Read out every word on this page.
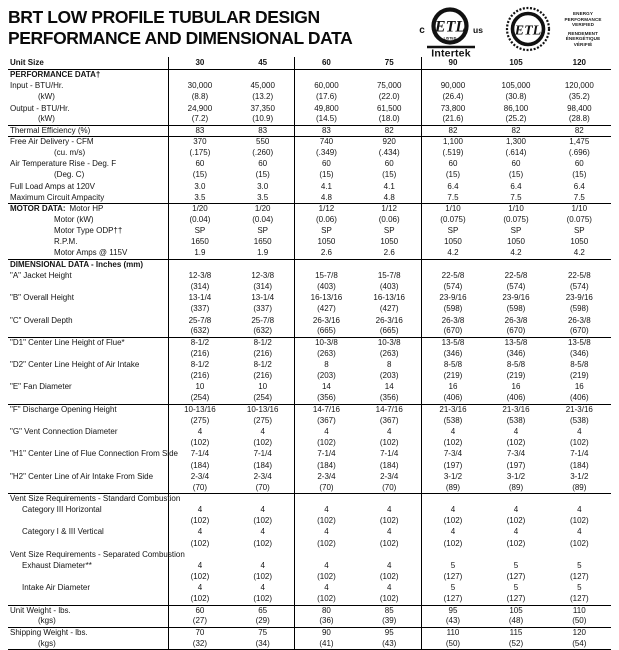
BRT LOW PROFILE TUBULAR DESIGN
PERFORMANCE AND DIMENSIONAL DATA
ETL
LISTED
c	us
Intertek
ETL
ENERGY
PERFORMANCE
VERIFIED
RENDEMENT
ÉNERGÉTIQUE
VÉRIFIÉ
Unit Size	30	45	60	75	90	105	120
PERFORMANCE DATA†							
Input - BTU/Hr.	30,000	45,000	60,000	75,000	90,000	105,000	120,000
(kW)	(8.8)	(13.2)	(17.6)	(22.0)	(26.4)	(30.8)	(35.2)
Output - BTU/Hr.	24,900	37,350	49,800	61,500	73,800	86,100	98,400
(kW)	(7.2)	(10.9)	(14.5)	(18.0)	(21.6)	(25.2)	(28.8)
Thermal Efficiency (%)	83	83	83	82	82	82	82
Free Air Delivery - CFM	370	550	740	920	1,100	1,300	1,475
(cu. m/s)	(.175)	(.260)	(.349)	(.434)	(.519)	(.614)	(.696)
Air Temperature Rise - Deg. F	60	60	60	60	60	60	60
(Deg. C)	(15)	(15)	(15)	(15)	(15)	(15)	(15)
Full Load Amps at 120V	3.0	3.0	4.1	4.1	6.4	6.4	6.4
Maximum Circuit Ampacity	3.5	3.5	4.8	4.8	7.5	7.5	7.5
MOTOR DATA: Motor HP	1/20	1/20	1/12	1/12	1/10	1/10	1/10
Motor (kW)	(0.04)	(0.04)	(0.06)	(0.06)	(0.075)	(0.075)	(0.075)
Motor Type ODP††	SP	SP	SP	SP	SP	SP	SP
R.P.M.	1650	1650	1050	1050	1050	1050	1050
Motor Amps @ 115V	1.9	1.9	2.6	2.6	4.2	4.2	4.2
DIMENSIONAL DATA - Inches (mm)							
"A" Jacket Height	12-3/8	12-3/8	15-7/8	15-7/8	22-5/8	22-5/8	22-5/8
	(314)	(314)	(403)	(403)	(574)	(574)	(574)
"B" Overall Height	13-1/4	13-1/4	16-13/16	16-13/16	23-9/16	23-9/16	23-9/16
	(337)	(337)	(427)	(427)	(598)	(598)	(598)
"C" Overall Depth	25-7/8	25-7/8	26-3/16	26-3/16	26-3/8	26-3/8	26-3/8
	(632)	(632)	(665)	(665)	(670)	(670)	(670)
"D1" Center Line Height of Flue*	8-1/2	8-1/2	10-3/8	10-3/8	13-5/8	13-5/8	13-5/8
	(216)	(216)	(263)	(263)	(346)	(346)	(346)
"D2" Center Line Height of Air Intake	8-1/2	8-1/2	8	8	8-5/8	8-5/8	8-5/8
	(216)	(216)	(203)	(203)	(219)	(219)	(219)
"E" Fan Diameter	10	10	14	14	16	16	16
	(254)	(254)	(356)	(356)	(406)	(406)	(406)
"F" Discharge Opening Height	10-13/16	10-13/16	14-7/16	14-7/16	21-3/16	21-3/16	21-3/16
	(275)	(275)	(367)	(367)	(538)	(538)	(538)
"G" Vent Connection Diameter	4	4	4	4	4	4	4
	(102)	(102)	(102)	(102)	(102)	(102)	(102)
"H1" Center Line of Flue Connection From Side	7-1/4	7-1/4	7-1/4	7-1/4	7-3/4	7-3/4	7-1/4
	(184)	(184)	(184)	(184)	(197)	(197)	(184)
"H2" Center Line of Air Intake From Side	2-3/4	2-3/4	2-3/4	2-3/4	3-1/2	3-1/2	3-1/2
	(70)	(70)	(70)	(70)	(89)	(89)	(89)
Vent Size Requirements - Standard Combustion							
Category III Horizontal	4	4	4	4	4	4	4
	(102)	(102)	(102)	(102)	(102)	(102)	(102)
Category I & III Vertical	4	4	4	4	4	4	4
	(102)	(102)	(102)	(102)	(102)	(102)	(102)
Vent Size Requirements - Separated Combustion							
Exhaust Diameter**	4	4	4	4	5	5	5
	(102)	(102)	(102)	(102)	(127)	(127)	(127)
Intake Air Diameter	4	4	4	4	5	5	5
	(102)	(102)	(102)	(102)	(127)	(127)	(127)
Unit Weight - lbs.	60	65	80	85	95	105	110
(kgs)	(27)	(29)	(36)	(39)	(43)	(48)	(50)
Shipping Weight - lbs.	70	75	90	95	110	115	120
(kgs)	(32)	(34)	(41)	(43)	(50)	(52)	(54)
